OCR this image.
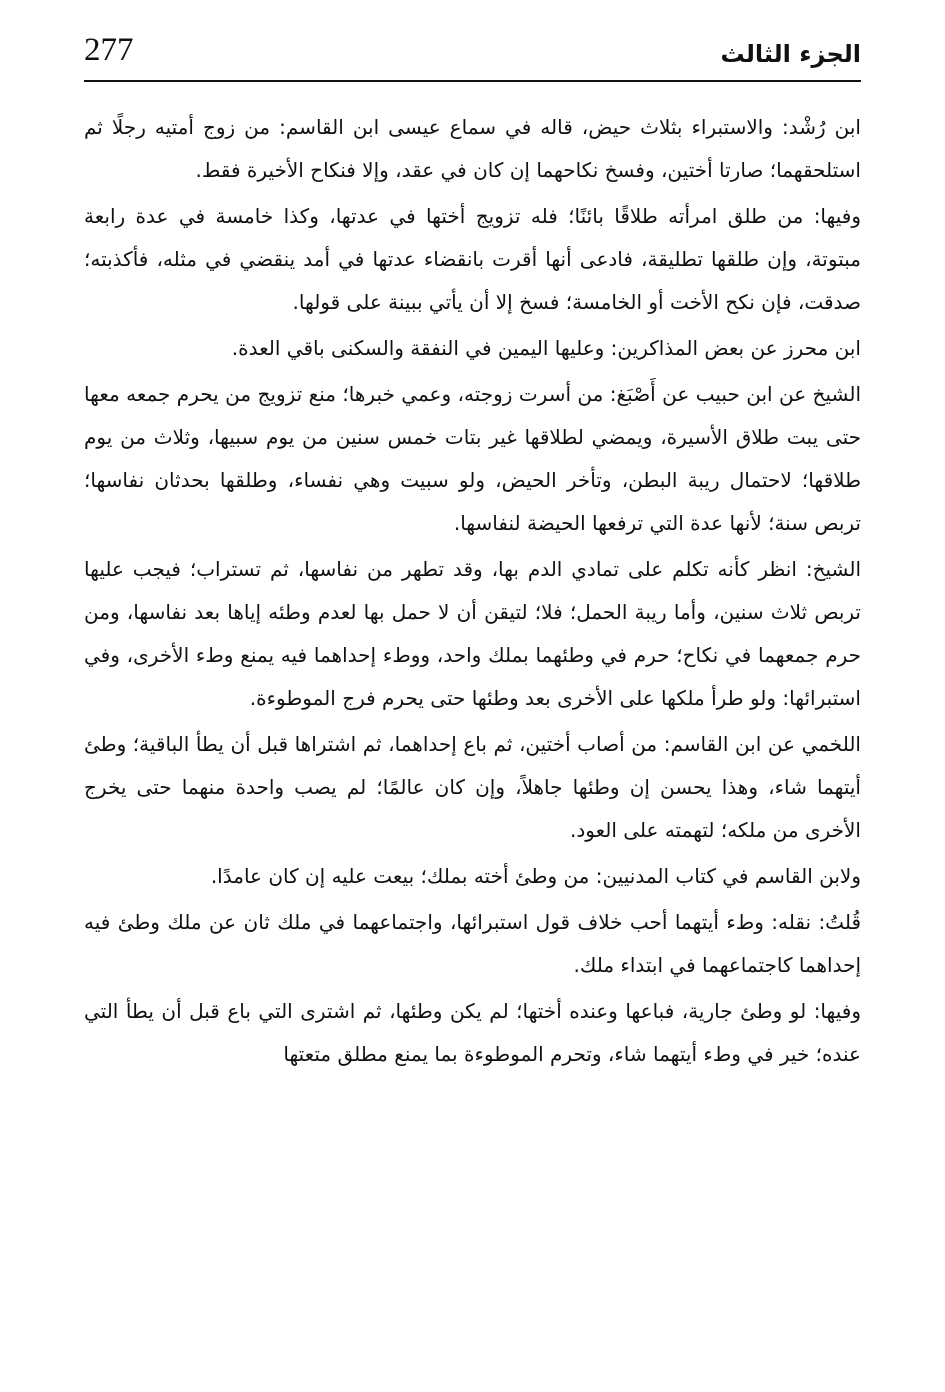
277	الجزء الثالث

ابن رُشْد: والاستبراء بثلاث حيض، قاله في سماع عيسى ابن القاسم: من زوج أمتيه رجلًا ثم استلحقهما؛ صارتا أختين، وفسخ نكاحهما إن كان في عقد، وإلا فنكاح الأخيرة فقط.

وفيها: من طلق امرأته طلاقًا بائنًا؛ فله تزويج أختها في عدتها، وكذا خامسة في عدة رابعة مبتوتة، وإن طلقها تطليقة، فادعى أنها أقرت بانقضاء عدتها في أمد ينقضي في مثله، فأكذبته؛ صدقت، فإن نكح الأخت أو الخامسة؛ فسخ إلا أن يأتي ببينة على قولها.

ابن محرز عن بعض المذاكرين: وعليها اليمين في النفقة والسكنى باقي العدة.

الشيخ عن ابن حبيب عن أَصْبَغ: من أسرت زوجته، وعمي خبرها؛ منع تزويج من يحرم جمعه معها حتى يبت طلاق الأسيرة، ويمضي لطلاقها غير بتات خمس سنين من يوم سبيها، وثلاث من يوم طلاقها؛ لاحتمال ريبة البطن، وتأخر الحيض، ولو سبيت وهي نفساء، وطلقها بحدثان نفاسها؛ تربص سنة؛ لأنها عدة التي ترفعها الحيضة لنفاسها.

الشيخ: انظر كأنه تكلم على تمادي الدم بها، وقد تطهر من نفاسها، ثم تستراب؛ فيجب عليها تربص ثلاث سنين، وأما ريبة الحمل؛ فلا؛ لتيقن أن لا حمل بها لعدم وطئه إياها بعد نفاسها، ومن حرم جمعهما في نكاح؛ حرم في وطئهما بملك واحد، ووطء إحداهما فيه يمنع وطء الأخرى، وفي استبرائها: ولو طرأ ملكها على الأخرى بعد وطئها حتى يحرم فرج الموطوءة.

اللخمي عن ابن القاسم: من أصاب أختين، ثم باع إحداهما، ثم اشتراها قبل أن يطأ الباقية؛ وطئ أيتهما شاء، وهذا يحسن إن وطئها جاهلاً، وإن كان عالمًا؛ لم يصب واحدة منهما حتى يخرج الأخرى من ملكه؛ لتهمته على العود.

ولابن القاسم في كتاب المدنيين: من وطئ أخته بملك؛ بيعت عليه إن كان عامدًا.

قُلتُ: نقله: وطء أيتهما أحب خلاف قول استبرائها، واجتماعهما في ملك ثان عن ملك وطئ فيه إحداهما كاجتماعهما في ابتداء ملك.

وفيها: لو وطئ جارية، فباعها وعنده أختها؛ لم يكن وطئها، ثم اشترى التي باع قبل أن يطأ التي عنده؛ خير في وطء أيتهما شاء، وتحرم الموطوءة بما يمنع مطلق متعتها
